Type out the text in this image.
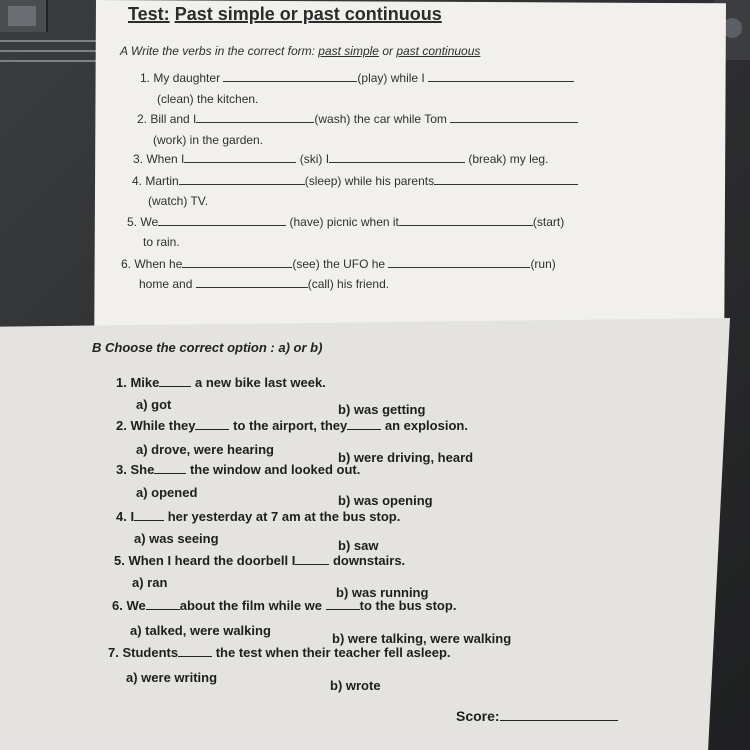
Test: Past simple or past continuous
A Write the verbs in the correct form: past simple or past continuous
1. My daughter	(play) while I
(clean) the kitchen.
2. Bill and I	(wash) the car while Tom
(work) in the garden.
3. When I	(ski) I	(break) my leg.
4. Martin	(sleep) while his parents
(watch) TV.
5. We	(have) picnic when it	(start)
to rain.
6. When he	(see) the UFO he	(run)
home and	(call) his friend.
B Choose the correct option : a) or b)
1. Mike	a new bike last week.
a) got	b) was getting
2. While they	to the airport, they	an explosion.
a) drove, were hearing
b) were driving, heard
3. She	the window and looked out.
a) opened
b) was opening
4. I	her yesterday at 7 am at the bus stop.
a) was seeing	b) saw
5. When I heard the doorbell I	downstairs.
a) ran
b) was running
6. We	about the film while we	to the bus stop.
a) talked, were walking
b) were talking, were walking
7. Students	the test when their teacher fell asleep.
a) were writing
b) wrote
Score:
